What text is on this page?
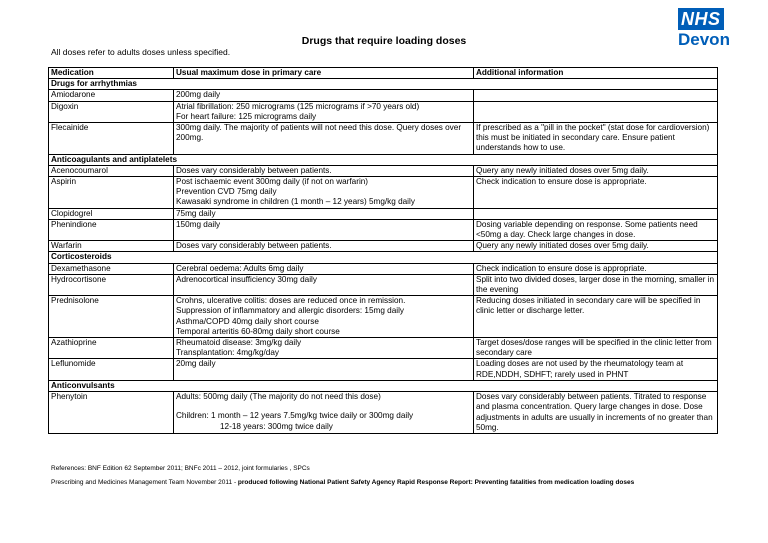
NHS
Devon
Drugs that require loading doses
All doses refer to adults doses unless specified.
Medication	Usual maximum dose in primary care	Additional information
Drugs for arrhythmias		
Amiodarone	200mg daily	

Digoxin	Atrial fibrillation: 250 micrograms (125 micrograms if >70 years old)
For heart failure: 125 micrograms daily	

Flecainide	300mg daily. The majority of patients will not need this dose. Query doses over 200mg.	If prescribed as a "pill in the pocket" (stat dose for cardioversion) this must be initiated in secondary care. Ensure patient understands how to use.

Anticoagulants and antiplatelets		
Acenocoumarol	Doses vary considerably between patients.	Query any newly initiated doses over 5mg daily.

Aspirin	Post ischaemic event 300mg daily (if not on warfarin)
Prevention CVD 75mg daily
Kawasaki syndrome in children (1 month – 12 years) 5mg/kg daily	Check indication to ensure dose is appropriate.

Clopidogrel	75mg daily	

Phenindione	150mg daily	Dosing variable depending on response. Some patients need <50mg a day. Check large changes in dose.

Warfarin	Doses vary considerably between patients.	Query any newly initiated doses over 5mg daily.

Corticosteroids		
Dexamethasone	Cerebral oedema: Adults 6mg daily	Check indication to ensure dose is appropriate.

Hydrocortisone	Adrenocortical insufficiency 30mg daily	Split into two divided doses, larger dose in the morning, smaller in the evening

Prednisolone	Crohns, ulcerative colitis: doses are reduced once in remission.
Suppression of inflammatory and allergic disorders: 15mg daily
Asthma/COPD 40mg daily short course
Temporal arteritis 60-80mg daily short course	Reducing doses initiated in secondary care will be specified in clinic letter or discharge letter.

Azathioprine	Rheumatoid disease: 3mg/kg daily
Transplantation: 4mg/kg/day	Target doses/dose ranges will be specified in the clinic letter from secondary care

Leflunomide	20mg daily	Loading doses are not used by the rheumatology team at RDE,NDDH, SDHFT; rarely used in PHNT

Anticonvulsants		
Phenytoin	Adults: 500mg daily (The majority do not need this dose)
Children: 1 month – 12 years 7.5mg/kg twice daily or 300mg daily
12-18 years: 300mg twice daily	Doses vary considerably between patients. Titrated to response and plasma concentration. Query large changes in dose. Dose adjustments in adults are usually in increments of no greater than 50mg.
References: BNF Edition 62 September 2011; BNFc 2011 – 2012, joint formularies , SPCs
Prescribing and Medicines Management Team November 2011 - produced following National Patient Safety Agency Rapid Response Report: Preventing fatalities from medication loading doses
